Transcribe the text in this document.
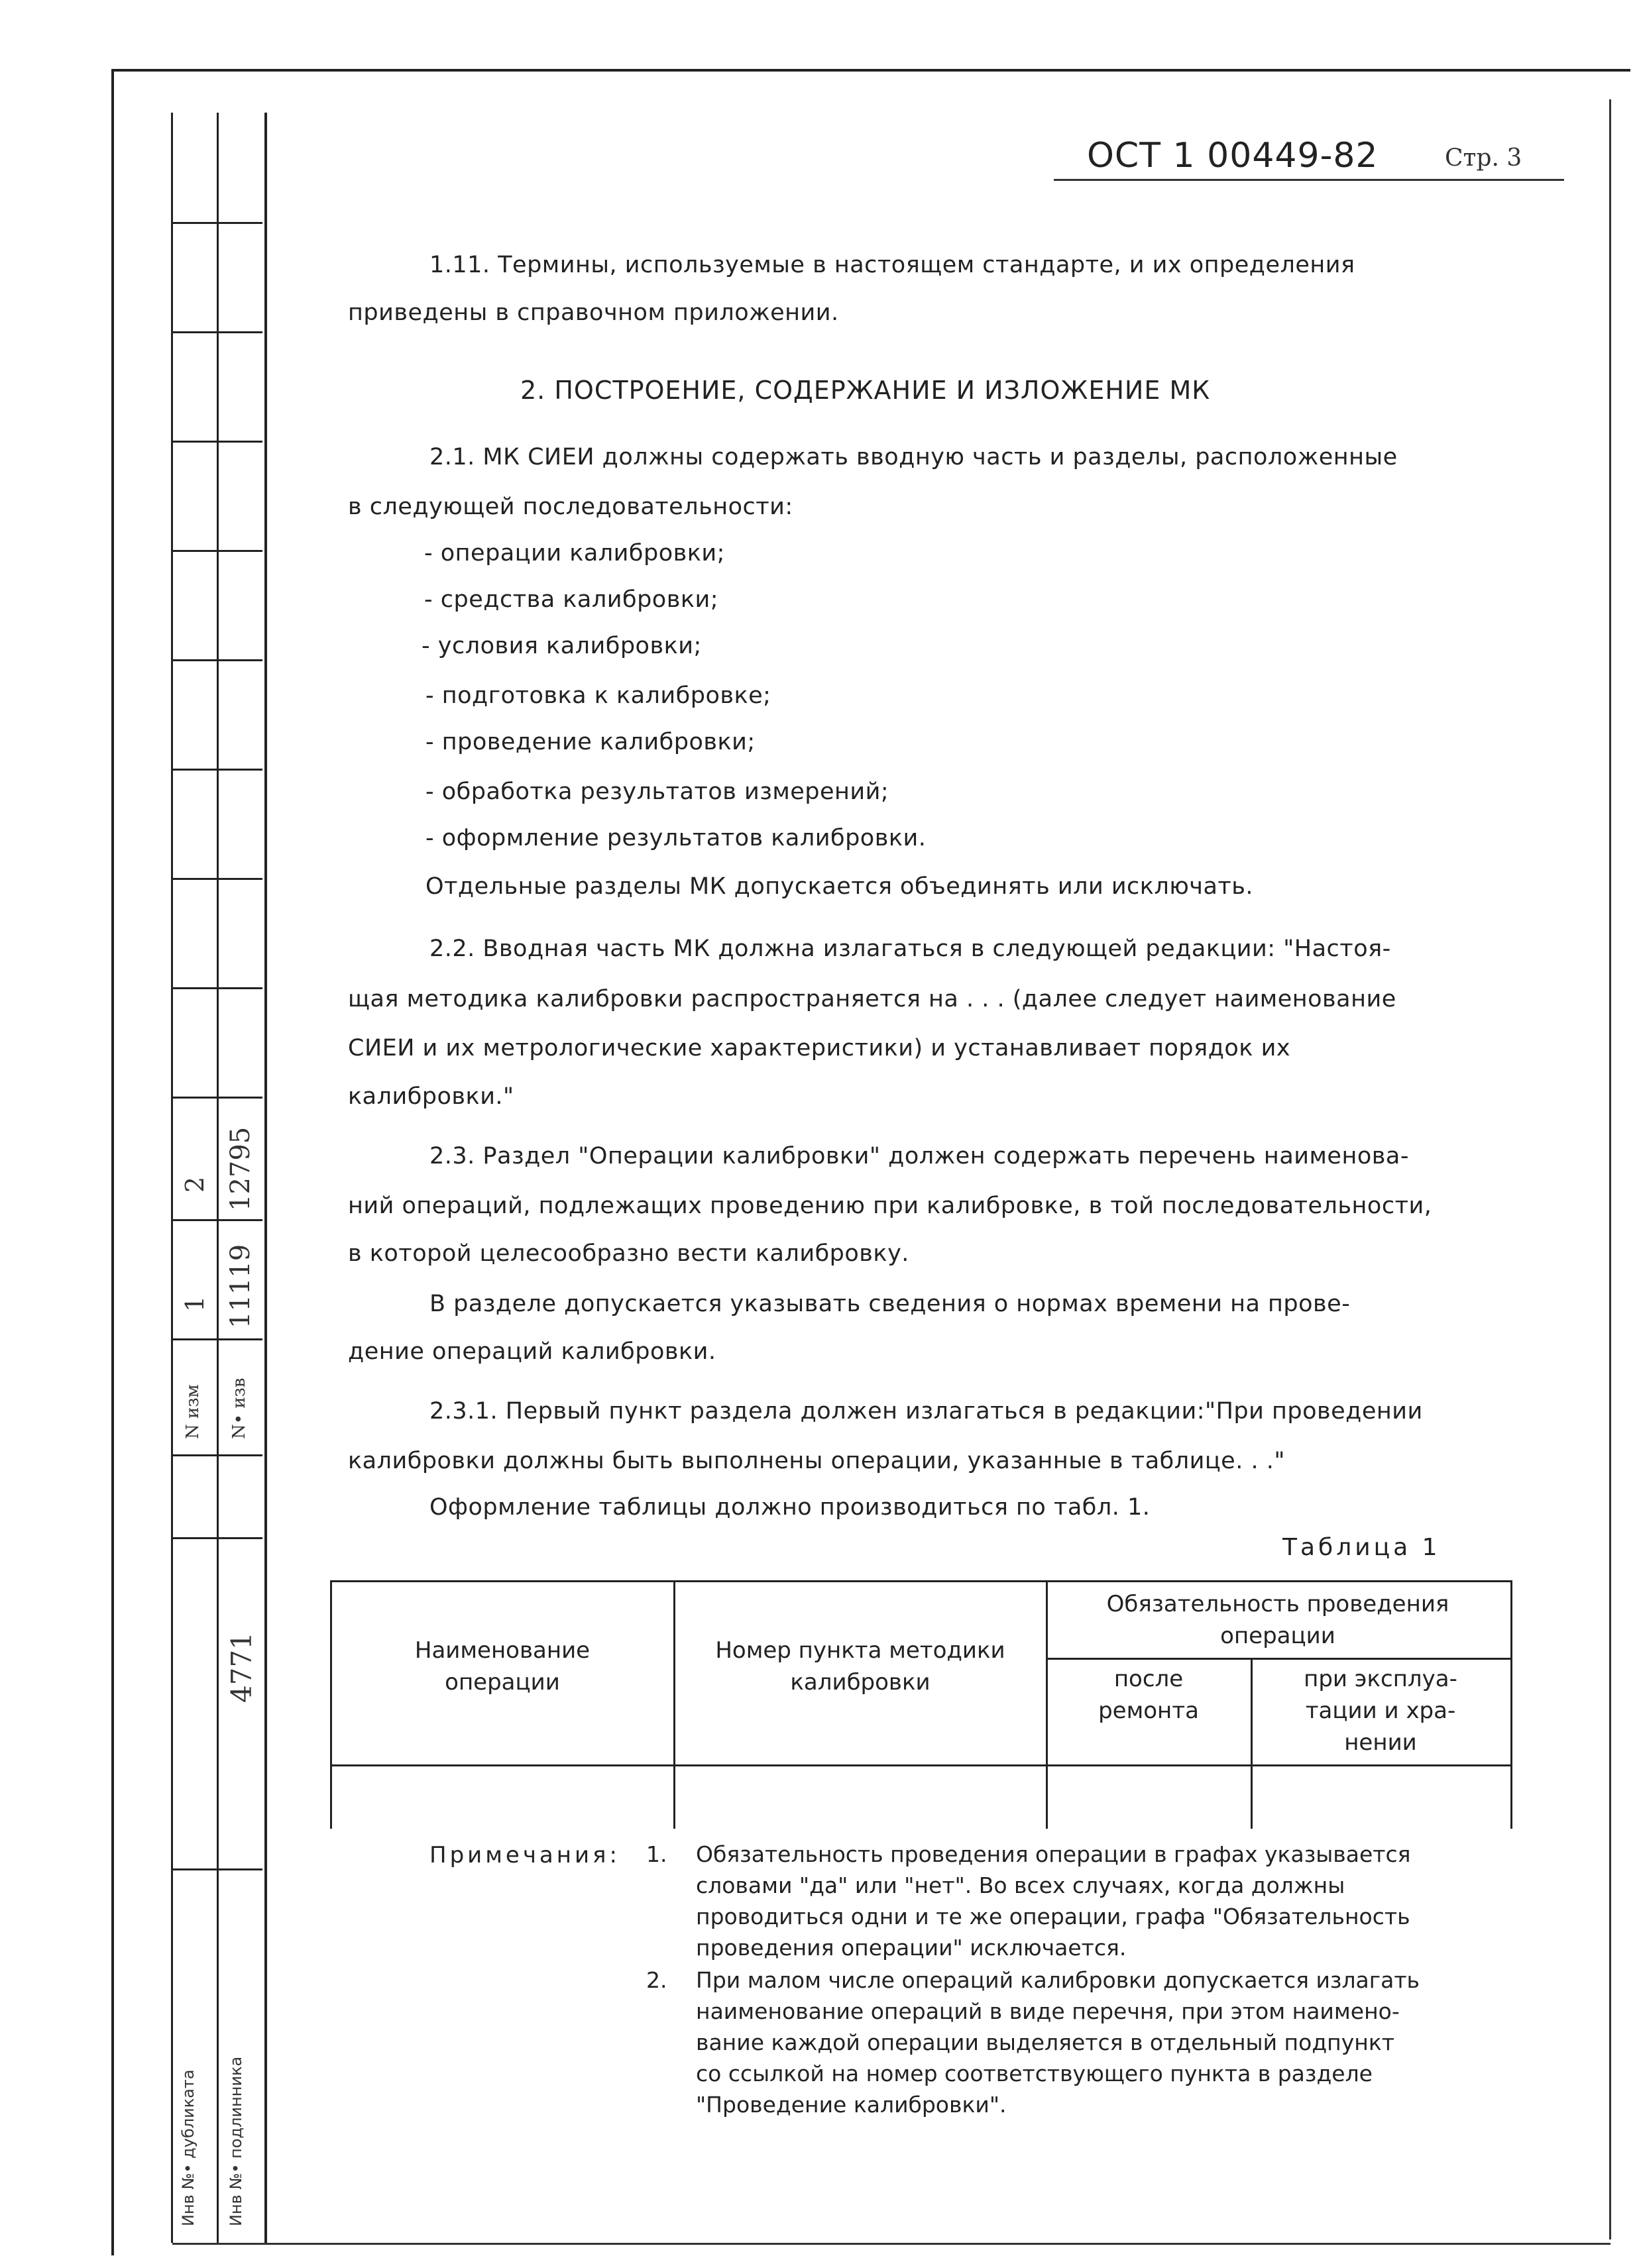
N изм N• изв
1 11119
2 12795
4771
Инв №• дубликата Инв №• подлинника
ОСТ 1 00449-82	Стр. 3
1.11. Термины, используемые в настоящем стандарте, и их определения
приведены в справочном приложении.
2. ПОСТРОЕНИЕ, СОДЕРЖАНИЕ И ИЗЛОЖЕНИЕ МК
2.1. МК СИЕИ должны содержать вводную часть и разделы, расположенные
в следующей последовательности:
- операции калибровки;
- средства калибровки;
- условия калибровки;
- подготовка к калибровке;
- проведение калибровки;
- обработка результатов измерений;
- оформление результатов калибровки.
Отдельные разделы МК допускается объединять или исключать.
2.2. Вводная часть МК должна излагаться в следующей редакции: "Настоя-
щая методика калибровки распространяется на . . . (далее следует наименование
СИЕИ и их метрологические характеристики) и устанавливает порядок их
калибровки."
2.3. Раздел "Операции калибровки" должен содержать перечень наименова-
ний операций, подлежащих проведению при калибровке, в той последовательности,
в которой целесообразно вести калибровку.
В разделе допускается указывать сведения о нормах времени на прове-
дение операций калибровки.
2.3.1. Первый пункт раздела должен излагаться в редакции:"При проведении
калибровки должны быть выполнены операции, указанные в таблице. . ."
Оформление таблицы должно производиться по табл. 1.
Таблица 1
Наименование операции
Номер пункта методики калибровки
Обязательность проведения операции
после ремонта
при эксплуа- тации и хра- нении
Примечания: 1. Обязательность проведения операции в графах указывается
словами "да" или "нет". Во всех случаях, когда должны
проводиться одни и те же операции, графа "Обязательность
проведения операции" исключается.
2. При малом числе операций калибровки допускается излагать
наименование операций в виде перечня, при этом наимено-
вание каждой операции выделяется в отдельный подпункт
со ссылкой на номер соответствующего пункта в разделе
"Проведение калибровки".
